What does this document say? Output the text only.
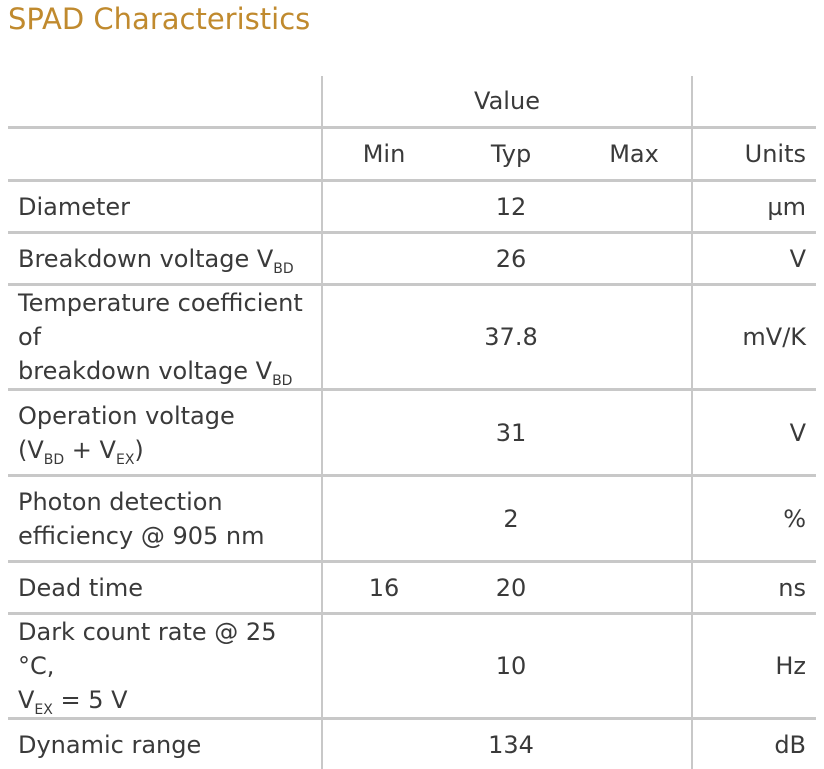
SPAD Characteristics
	Value			
	Min	Typ	Max	Units

Diameter		12		µm

Breakdown voltage $V_{BD}$		26		V

Temperature coefficient of
breakdown voltage $V_{BD}$		37.8		mV/K

Operation voltage
$(V_{BD} + V_{EX})$		31		V

Photon detection
efficiency @ 905 nm		2		%

Dead time	16	20		ns

Dark count rate @ 25 °C,
$V_{EX} = 5$ V		10		Hz

Dynamic range		134		dB
